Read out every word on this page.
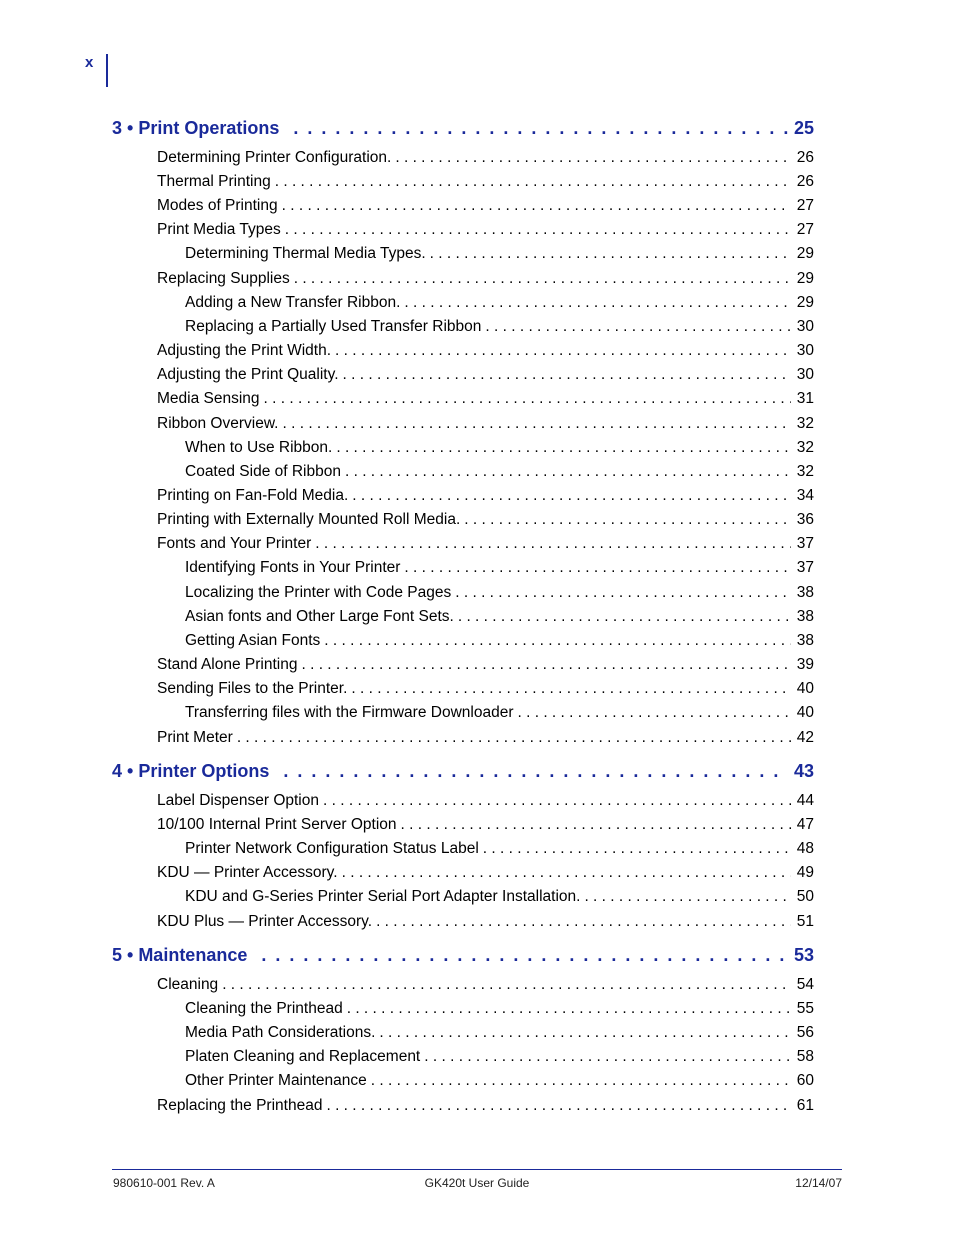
x
3 • Print Operations . . .	25
Determining Printer Configuration. . . .	26
Thermal Printing . . .	26
Modes of Printing . . .	27
Print Media Types . . .	27
Determining Thermal Media Types. . . .	29
Replacing Supplies . . .	29
Adding a New Transfer Ribbon. . . .	29
Replacing a Partially Used Transfer Ribbon . . .	30
Adjusting the Print Width. . . .	30
Adjusting the Print Quality. . . .	30
Media Sensing . . .	31
Ribbon Overview. . . .	32
When to Use Ribbon. . . .	32
Coated Side of Ribbon . . .	32
Printing on Fan-Fold Media. . . .	34
Printing with Externally Mounted Roll Media. . . .	36
Fonts and Your Printer . . .	37
Identifying Fonts in Your Printer . . .	37
Localizing the Printer with Code Pages . . .	38
Asian fonts and Other Large Font Sets. . . .	38
Getting Asian Fonts . . .	38
Stand Alone Printing . . .	39
Sending Files to the Printer. . . .	40
Transferring files with the Firmware Downloader . . .	40
Print Meter . . .	42
4 • Printer Options . . .	43
Label Dispenser Option . . .	44
10/100 Internal Print Server Option . . .	47
Printer Network Configuration Status Label . . .	48
KDU — Printer Accessory. . . .	49
KDU and G-Series Printer Serial Port Adapter Installation. . . .	50
KDU Plus — Printer Accessory. . . .	51
5 • Maintenance . . .	53
Cleaning . . .	54
Cleaning the Printhead . . .	55
Media Path Considerations. . . .	56
Platen Cleaning and Replacement . . .	58
Other Printer Maintenance . . .	60
Replacing the Printhead . . .	61
980610-001 Rev. A	GK420t User Guide	12/14/07
